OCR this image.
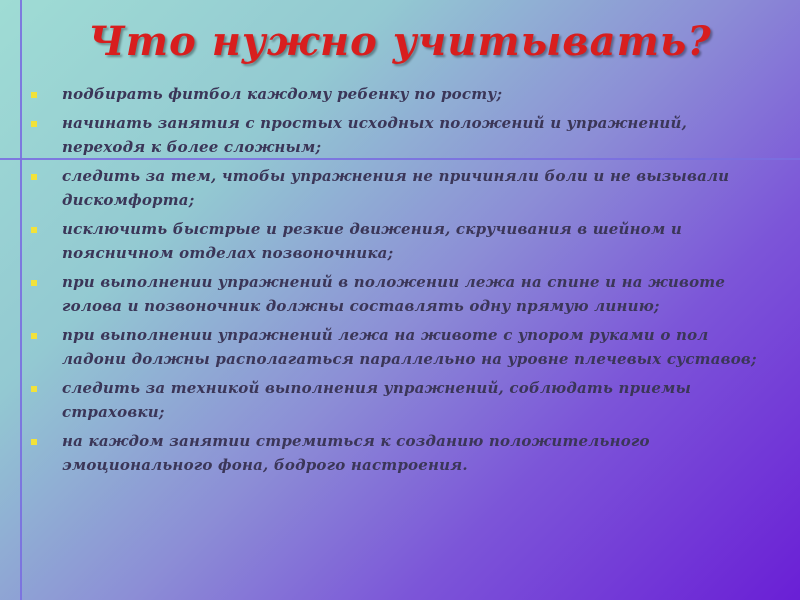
Что нужно учитывать?
подбирать фитбол каждому ребенку по росту;
начинать занятия с простых исходных положений и упражнений, переходя к более сложным;
следить за тем, чтобы упражнения не причиняли боли и не вызывали дискомфорта;
исключить быстрые и резкие движения, скручивания в шейном и поясничном отделах позвоночника;
при выполнении упражнений в положении лежа на спине и на животе голова и позвоночник должны составлять одну прямую линию;
при выполнении упражнений лежа на животе с упором руками о пол ладони должны располагаться параллельно на уровне плечевых суставов;
следить за техникой выполнения упражнений, соблюдать приемы страховки;
на каждом занятии стремиться к созданию положительного эмоционального фона, бодрого настроения.
